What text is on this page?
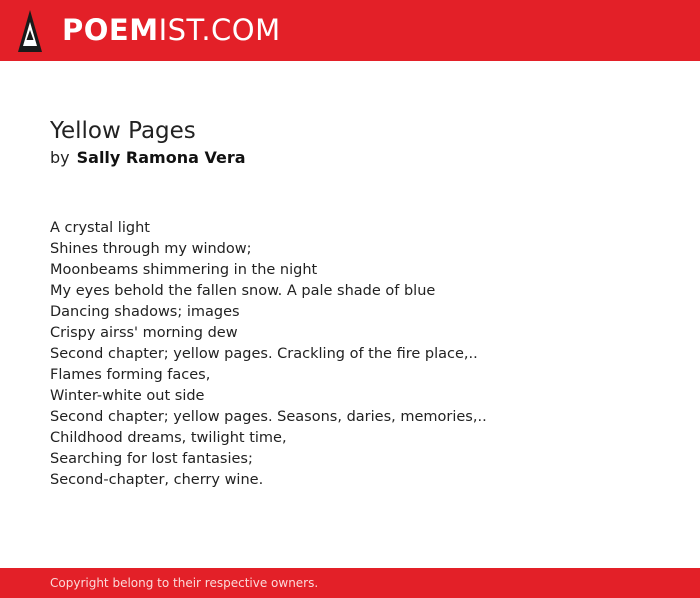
POEMIST.COM
Yellow Pages
by Sally Ramona Vera
A crystal light
Shines through my window;
Moonbeams shimmering in the night
My eyes behold the fallen snow. A pale shade of blue
Dancing shadows; images
Crispy airss' morning dew
Second chapter; yellow pages. Crackling of the fire place,..
Flames forming faces,
Winter-white out side
Second chapter; yellow pages. Seasons, daries, memories,..
Childhood dreams, twilight time,
Searching for lost fantasies;
Second-chapter, cherry wine.
Copyright belong to their respective owners.
